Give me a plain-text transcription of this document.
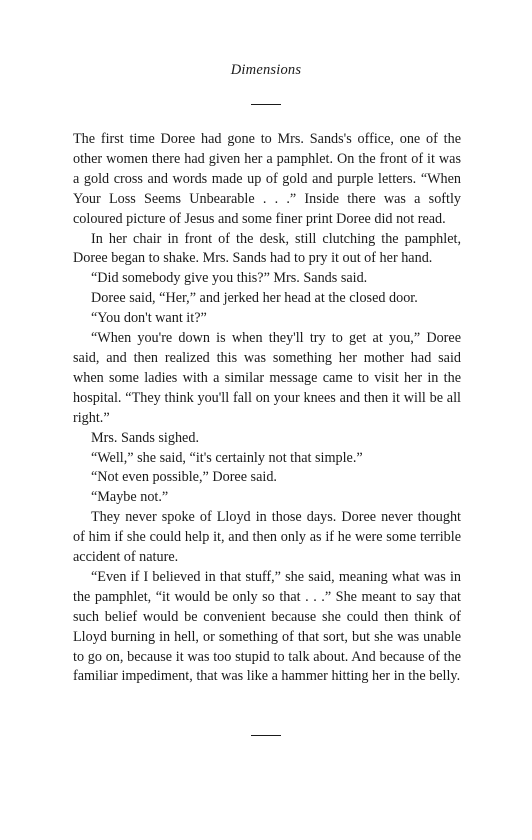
Dimensions

The first time Doree had gone to Mrs. Sands's office, one of the other women there had given her a pamphlet. On the front of it was a gold cross and words made up of gold and purple letters. “When Your Loss Seems Unbearable . . .” Inside there was a softly coloured picture of Jesus and some finer print Doree did not read.

In her chair in front of the desk, still clutching the pamphlet, Doree began to shake. Mrs. Sands had to pry it out of her hand.

“Did somebody give you this?” Mrs. Sands said.

Doree said, “Her,” and jerked her head at the closed door.

“You don't want it?”

“When you're down is when they'll try to get at you,” Doree said, and then realized this was something her mother had said when some ladies with a similar message came to visit her in the hospital. “They think you'll fall on your knees and then it will be all right.”

Mrs. Sands sighed.

“Well,” she said, “it's certainly not that simple.”

“Not even possible,” Doree said.

“Maybe not.”

They never spoke of Lloyd in those days. Doree never thought of him if she could help it, and then only as if he were some terrible accident of nature.

“Even if I believed in that stuff,” she said, meaning what was in the pamphlet, “it would be only so that . . .” She meant to say that such belief would be convenient because she could then think of Lloyd burning in hell, or something of that sort, but she was unable to go on, because it was too stupid to talk about. And because of the familiar impediment, that was like a hammer hitting her in the belly.
